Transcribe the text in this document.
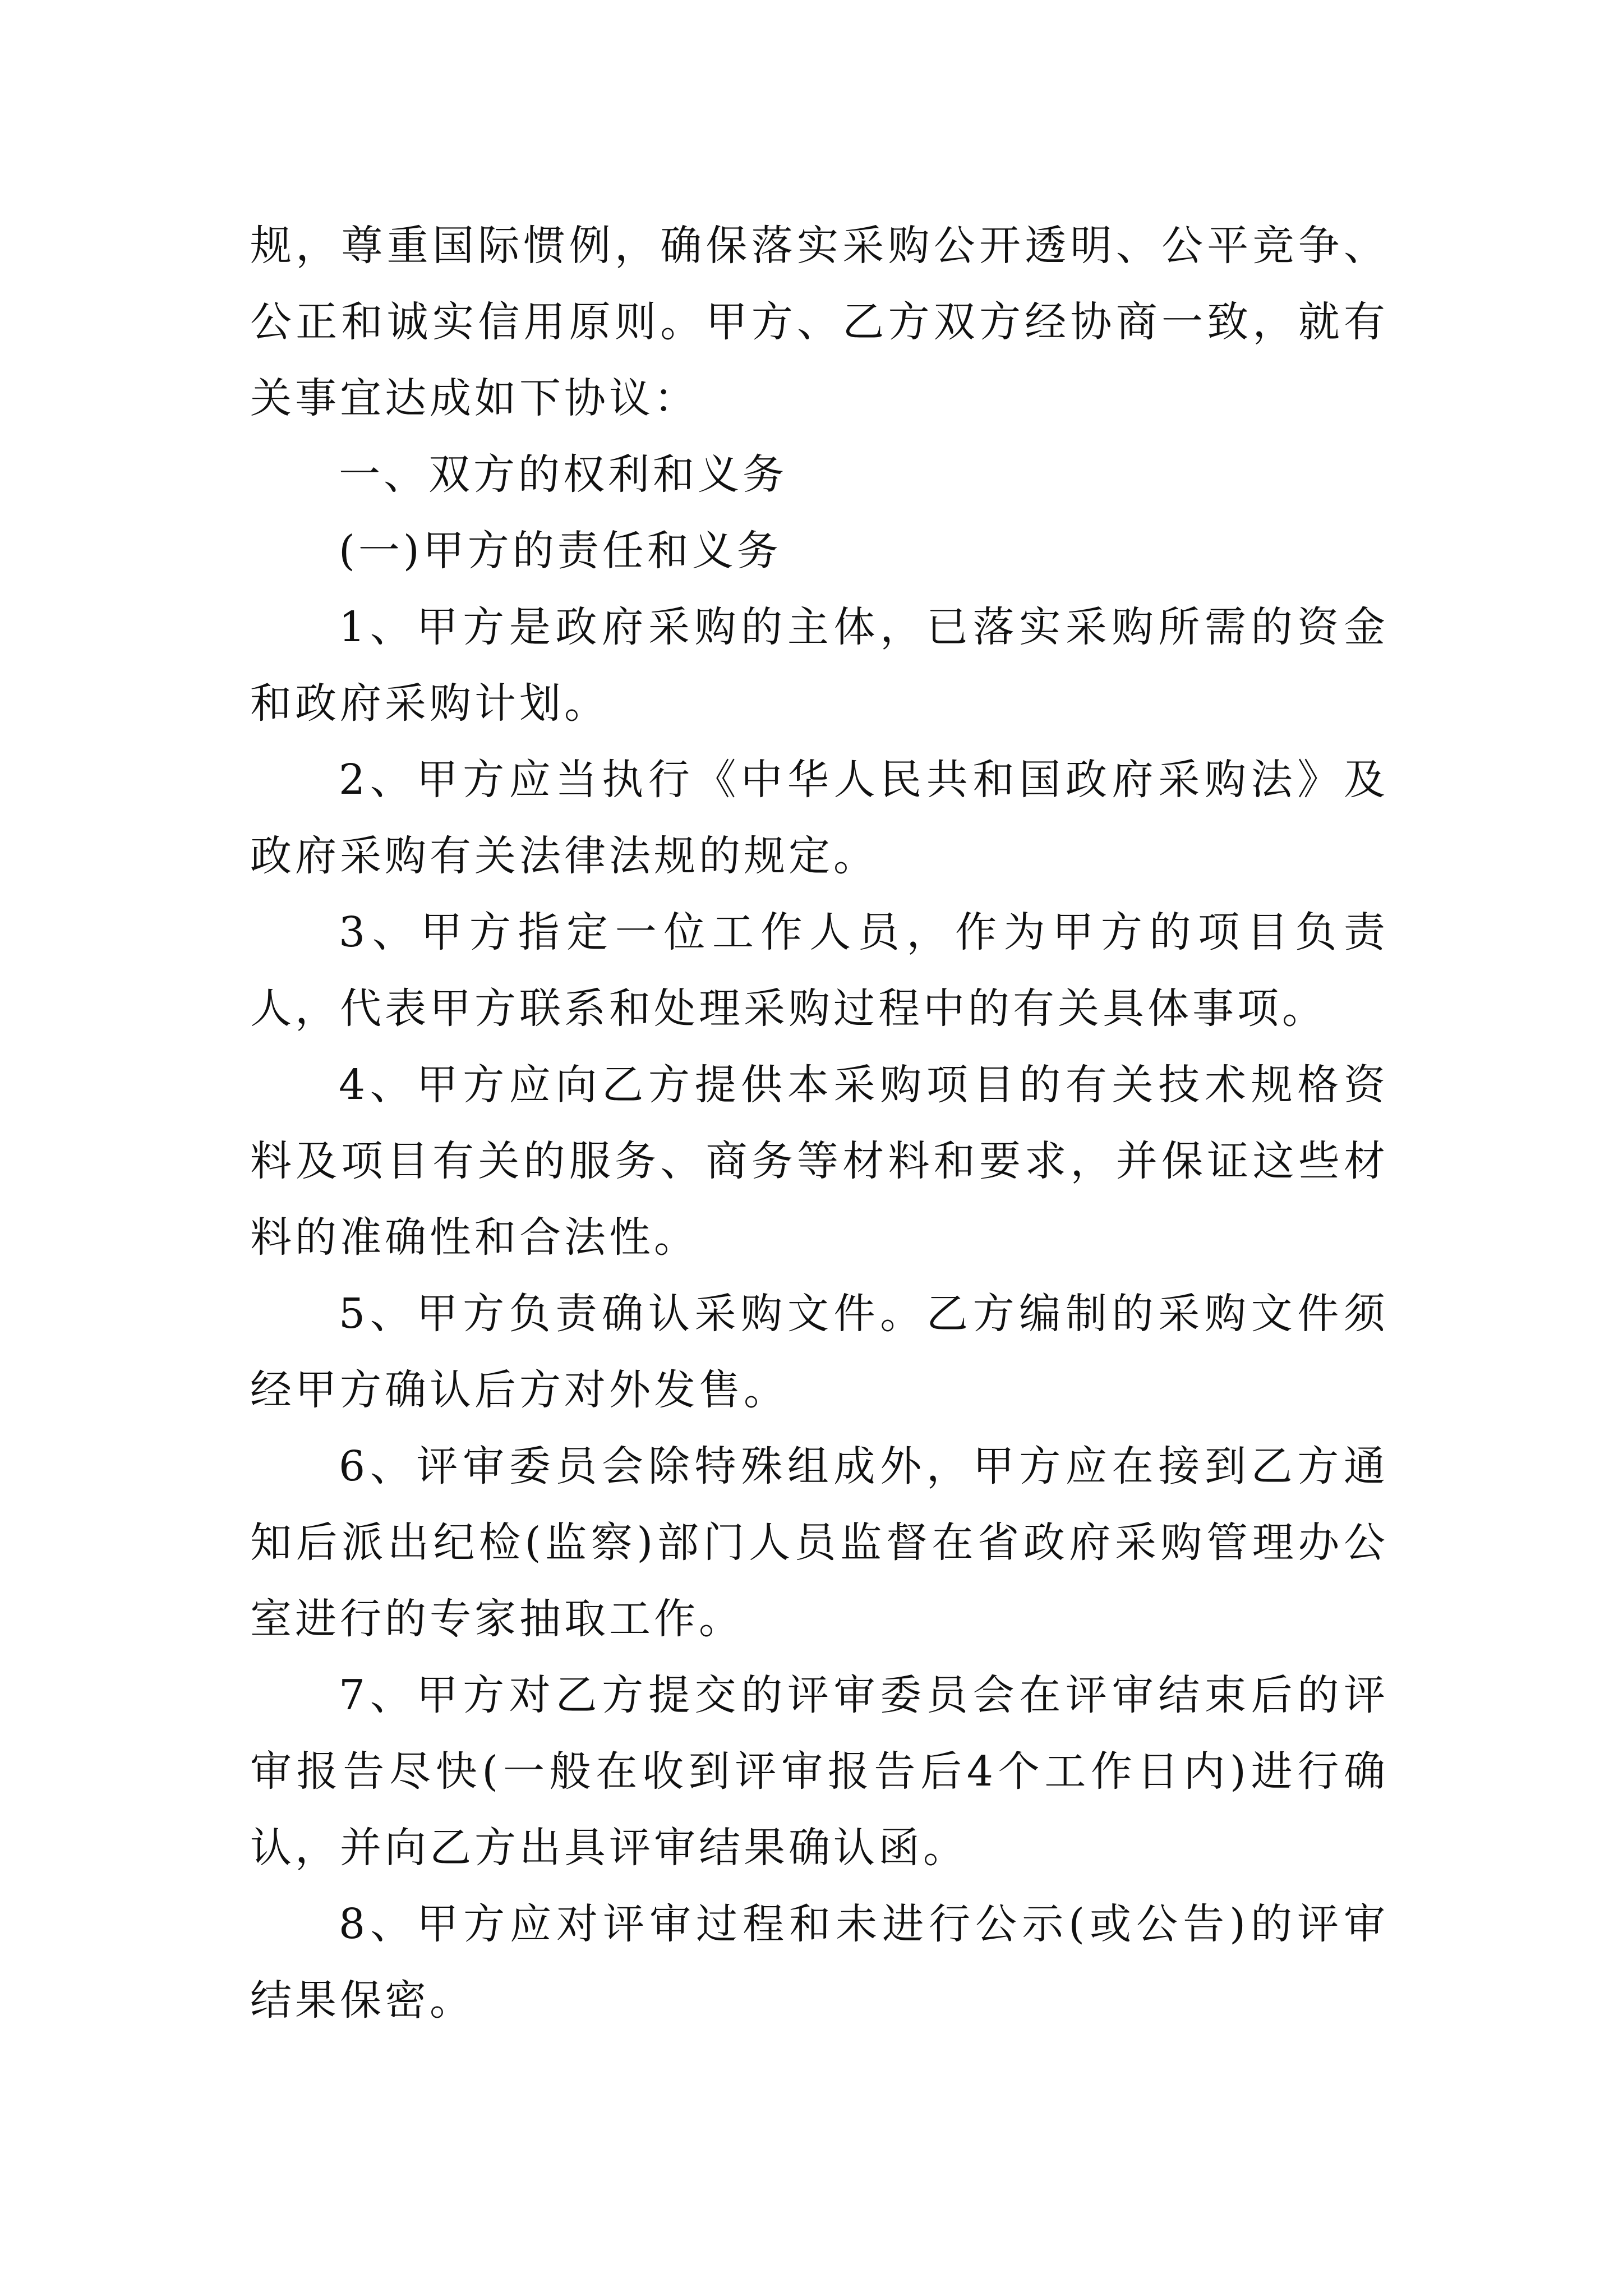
规，尊重国际惯例，确保落实采购公开透明、公平竞争、公正和诚实信用原则。甲方、乙方双方经协商一致，就有关事宜达成如下协议：

一、双方的权利和义务

(一)甲方的责任和义务

1、甲方是政府采购的主体，已落实采购所需的资金和政府采购计划。

2、甲方应当执行《中华人民共和国政府采购法》及政府采购有关法律法规的规定。

3、甲方指定一位工作人员，作为甲方的项目负责人，代表甲方联系和处理采购过程中的有关具体事项。

4、甲方应向乙方提供本采购项目的有关技术规格资料及项目有关的服务、商务等材料和要求，并保证这些材料的准确性和合法性。

5、甲方负责确认采购文件。乙方编制的采购文件须经甲方确认后方对外发售。

6、评审委员会除特殊组成外，甲方应在接到乙方通知后派出纪检(监察)部门人员监督在省政府采购管理办公室进行的专家抽取工作。

7、甲方对乙方提交的评审委员会在评审结束后的评审报告尽快(一般在收到评审报告后4个工作日内)进行确认，并向乙方出具评审结果确认函。

8、甲方应对评审过程和未进行公示(或公告)的评审结果保密。
